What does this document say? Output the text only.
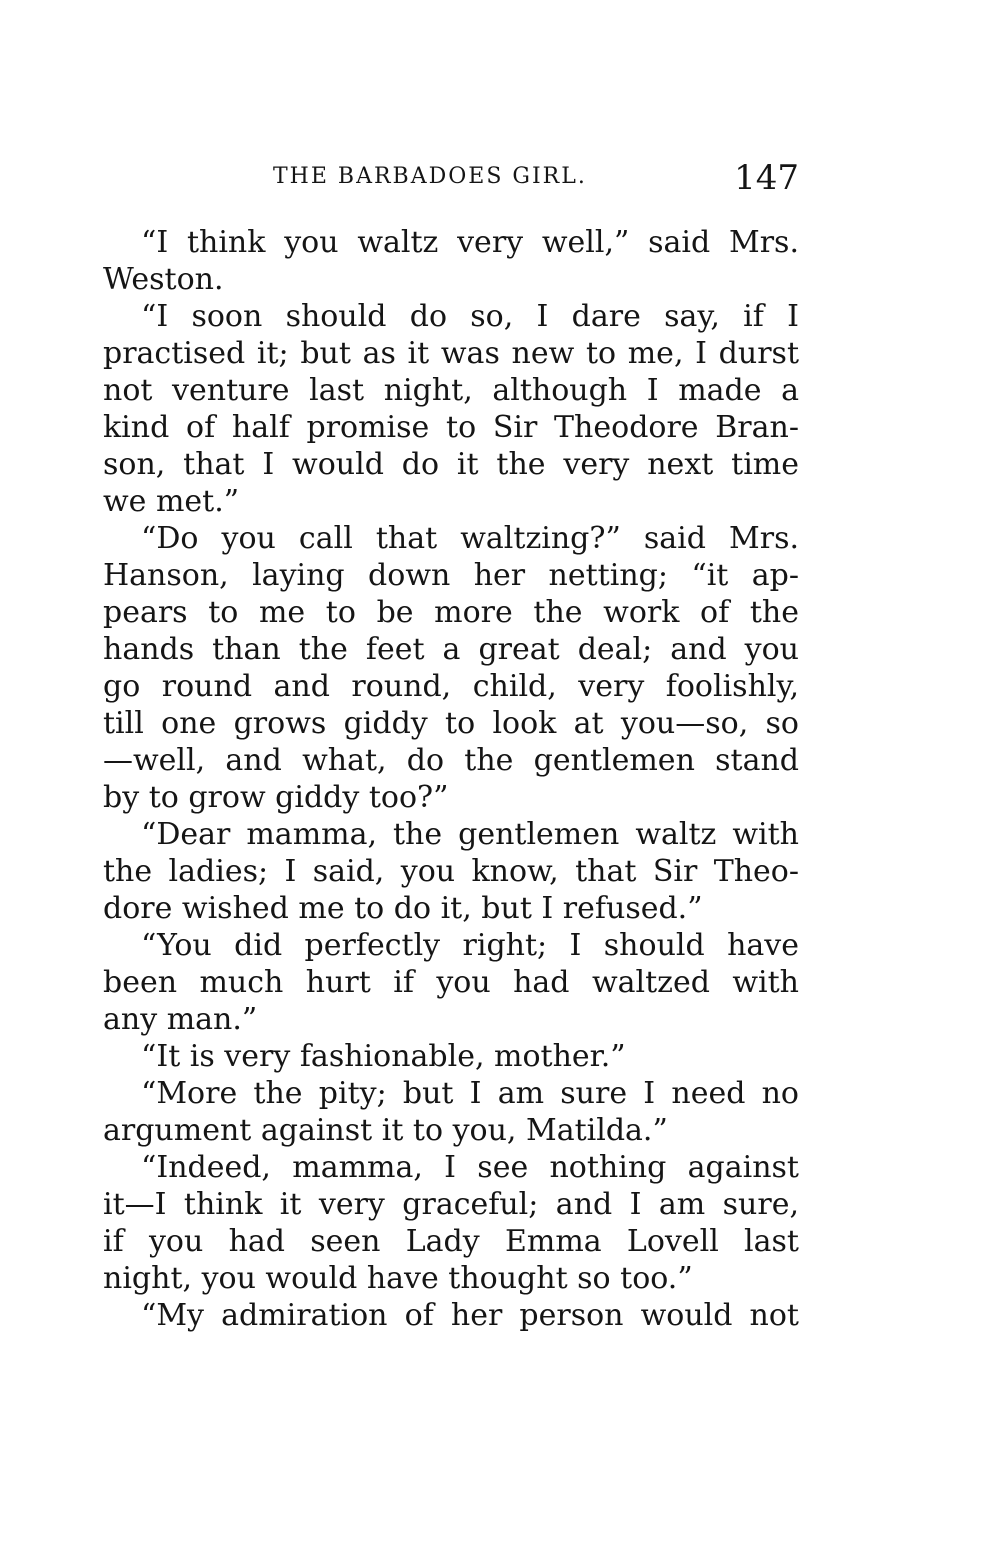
THE BARBADOES GIRL.	147
“I think you waltz very well,” said Mrs.
Weston.
“I soon should do so, I dare say, if I
practised it; but as it was new to me, I durst
not venture last night, although I made a
kind of half promise to Sir Theodore Bran-
son, that I would do it the very next time
we met.”
“Do you call that waltzing?” said Mrs.
Hanson, laying down her netting; “it ap-
pears to me to be more the work of the
hands than the feet a great deal; and you
go round and round, child, very foolishly,
till one grows giddy to look at you—so, so
—well, and what, do the gentlemen stand
by to grow giddy too?”
“Dear mamma, the gentlemen waltz with
the ladies; I said, you know, that Sir Theo-
dore wished me to do it, but I refused.”
“You did perfectly right; I should have
been much hurt if you had waltzed with
any man.”
“It is very fashionable, mother.”
“More the pity; but I am sure I need no
argument against it to you, Matilda.”
“Indeed, mamma, I see nothing against
it—I think it very graceful; and I am sure,
if you had seen Lady Emma Lovell last
night, you would have thought so too.”
“My admiration of her person would not
